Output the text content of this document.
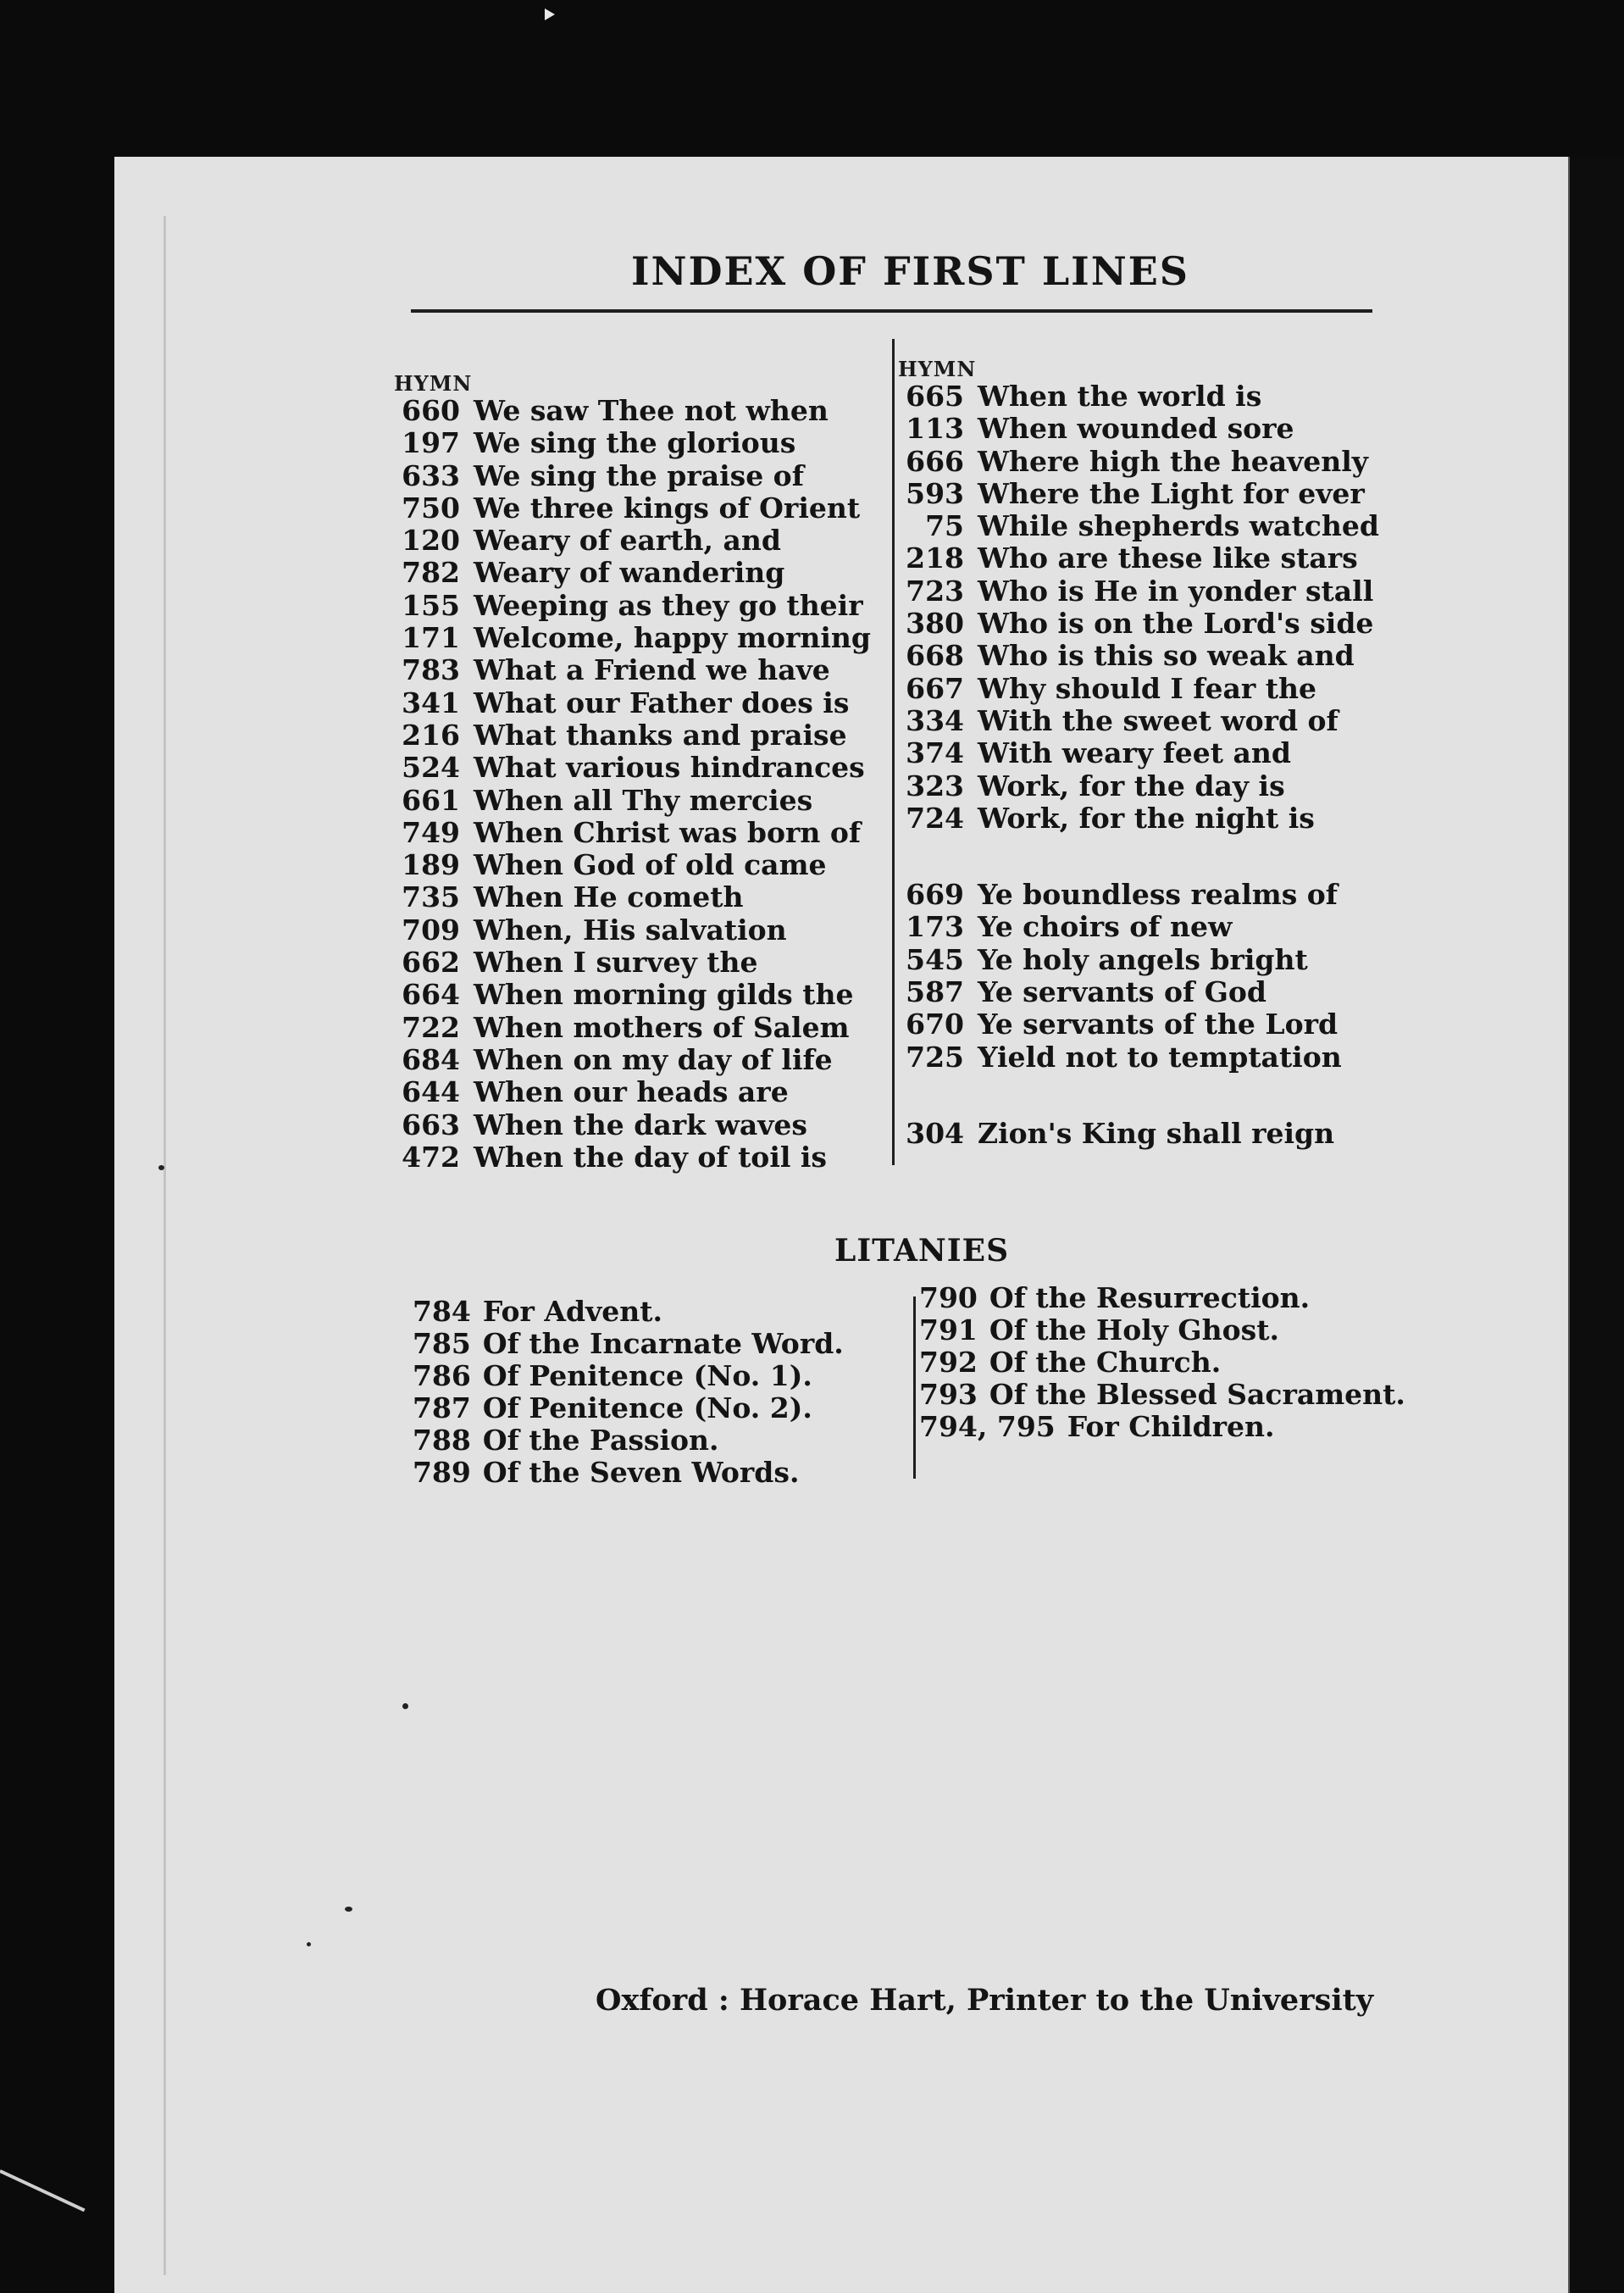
INDEX OF FIRST LINES
HYMN
660 We saw Thee not when
197 We sing the glorious
633 We sing the praise of
750 We three kings of Orient
120 Weary of earth, and
782 Weary of wandering
155 Weeping as they go their
171 Welcome, happy morning
783 What a Friend we have
341 What our Father does is
216 What thanks and praise
524 What various hindrances
661 When all Thy mercies
749 When Christ was born of
189 When God of old came
735 When He cometh
709 When, His salvation
662 When I survey the
664 When morning gilds the
722 When mothers of Salem
684 When on my day of life
644 When our heads are
663 When the dark waves
472 When the day of toil is
HYMN
665 When the world is
113 When wounded sore
666 Where high the heavenly
593 Where the Light for ever
75 While shepherds watched
218 Who are these like stars
723 Who is He in yonder stall
380 Who is on the Lord's side
668 Who is this so weak and
667 Why should I fear the
334 With the sweet word of
374 With weary feet and
323 Work, for the day is
724 Work, for the night is
669 Ye boundless realms of
173 Ye choirs of new
545 Ye holy angels bright
587 Ye servants of God
670 Ye servants of the Lord
725 Yield not to temptation
304 Zion's King shall reign
LITANIES
784 For Advent.
785 Of the Incarnate Word.
786 Of Penitence (No. 1).
787 Of Penitence (No. 2).
788 Of the Passion.
789 Of the Seven Words.
790 Of the Resurrection.
791 Of the Holy Ghost.
792 Of the Church.
793 Of the Blessed Sacrament.
794, 795 For Children.
Oxford : Horace Hart, Printer to the University
